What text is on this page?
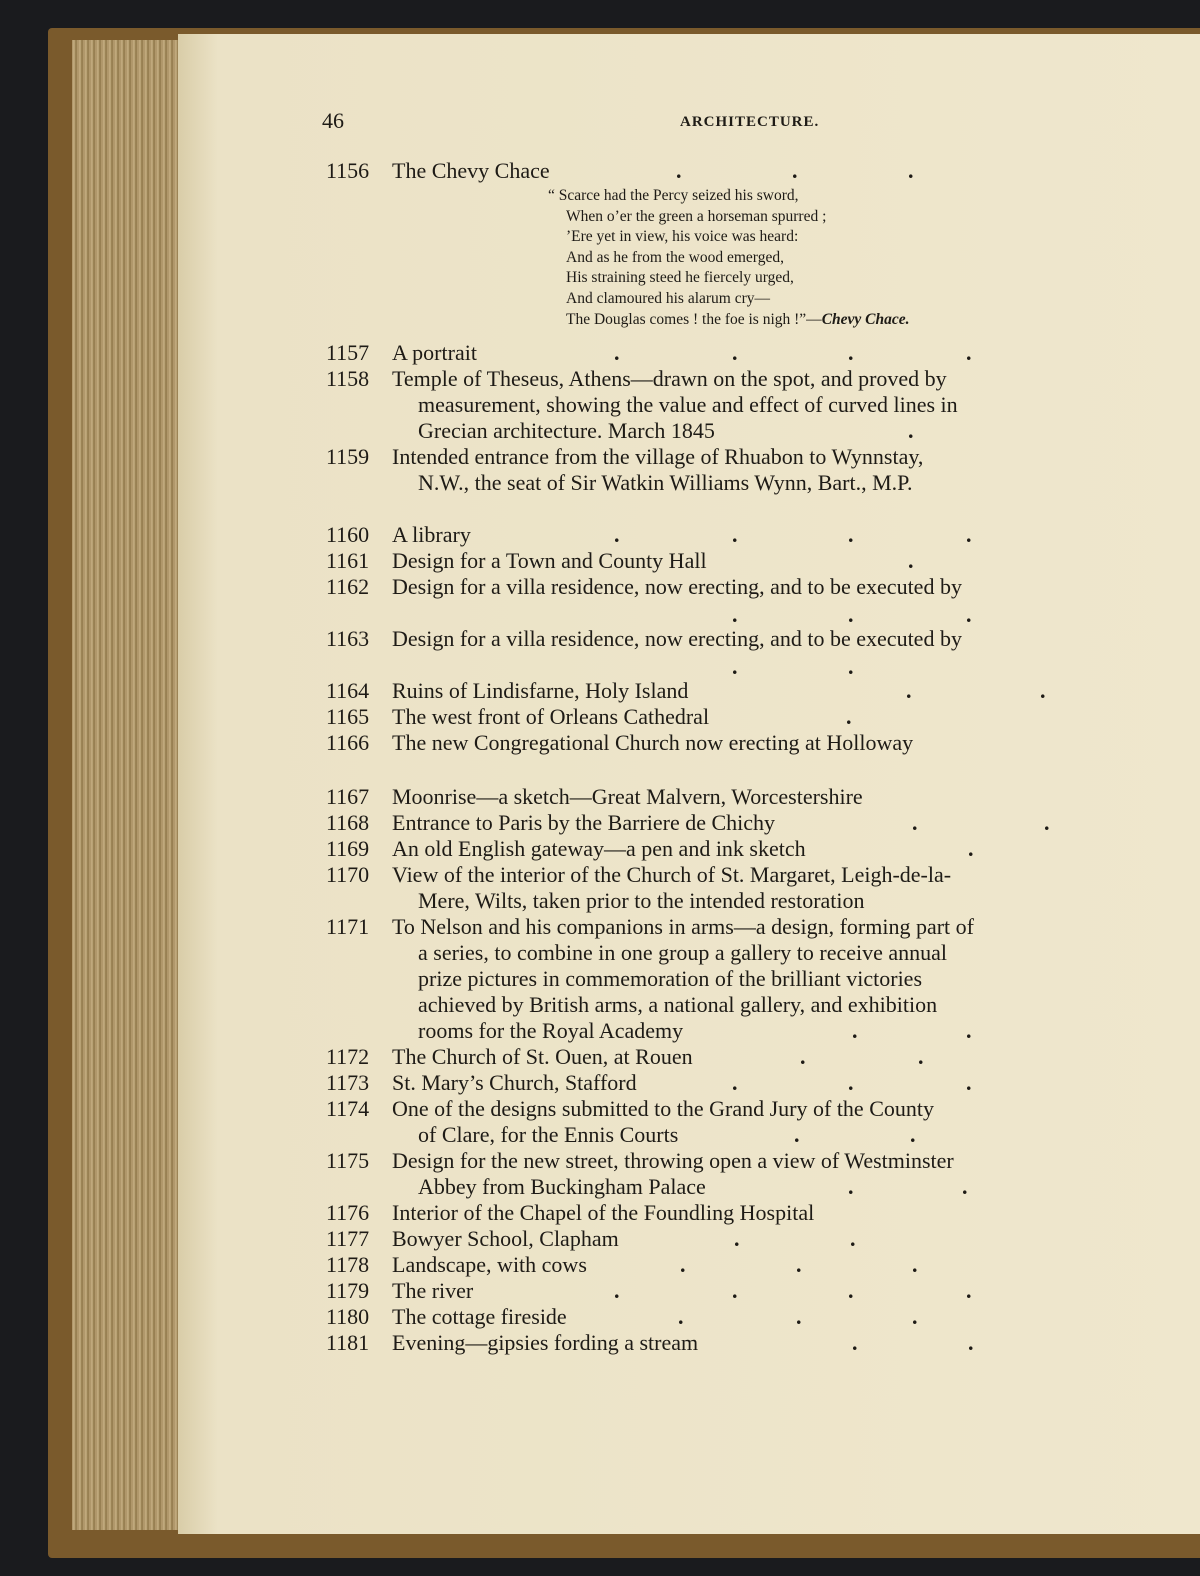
46	ARCHITECTURE.
1156 The Chevy Chace	.	.	.
“ Scarce had the Percy seized his sword,
When o’er the green a horseman spurred ;
’Ere yet in view, his voice was heard:
And as he from the wood emerged,
His straining steed he fiercely urged,
And clamoured his alarum cry—
The Douglas comes ! the foe is nigh !”—Chevy Chace.
1157 A portrait	.	.	.	.
1158 Temple of Theseus, Athens—drawn on the spot, and proved by
measurement, showing the value and effect of curved lines in
Grecian architecture. March 1845	.
1159 Intended entrance from the village of Rhuabon to Wynnstay,
N.W., the seat of Sir Watkin Williams Wynn, Bart., M.P.
1160 A library	.	.	.	.
1161 Design for a Town and County Hall	.
1162 Design for a villa residence, now erecting, and to be executed by
.	.	.
1163 Design for a villa residence, now erecting, and to be executed by
.	.
1164 Ruins of Lindisfarne, Holy Island	.	.
1165 The west front of Orleans Cathedral	.
1166 The new Congregational Church now erecting at Holloway
1167 Moonrise—a sketch—Great Malvern, Worcestershire
1168 Entrance to Paris by the Barriere de Chichy	.	.
1169 An old English gateway—a pen and ink sketch	.
1170 View of the interior of the Church of St. Margaret, Leigh-de-la-
Mere, Wilts, taken prior to the intended restoration
1171 To Nelson and his companions in arms—a design, forming part of
a series, to combine in one group a gallery to receive annual
prize pictures in commemoration of the brilliant victories
achieved by British arms, a national gallery, and exhibition
rooms for the Royal Academy	.	.
1172 The Church of St. Ouen, at Rouen	.	.
1173 St. Mary’s Church, Stafford	.	.	.
1174 One of the designs submitted to the Grand Jury of the County
of Clare, for the Ennis Courts	.	.
1175 Design for the new street, throwing open a view of Westminster
Abbey from Buckingham Palace	.	.
1176 Interior of the Chapel of the Foundling Hospital
1177 Bowyer School, Clapham	.	.
1178 Landscape, with cows	.	.	.
1179 The river	.	.	.	.
1180 The cottage fireside	.	.	.
1181 Evening—gipsies fording a stream	.	.
